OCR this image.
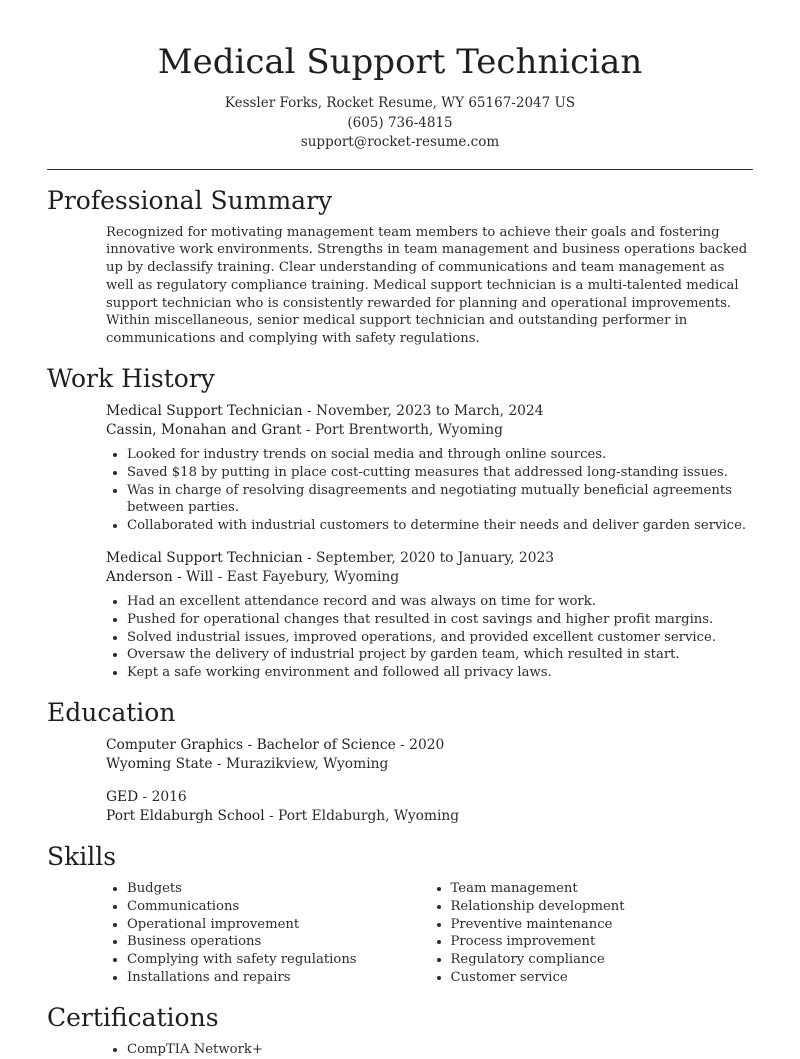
Medical Support Technician
Kessler Forks, Rocket Resume, WY 65167-2047 US
(605) 736-4815
support@rocket-resume.com
Professional Summary

Recognized for motivating management team members to achieve their goals and fostering innovative work environments. Strengths in team management and business operations backed up by declassify training. Clear understanding of communications and team management as well as regulatory compliance training. Medical support technician is a multi-talented medical support technician who is consistently rewarded for planning and operational improvements. Within miscellaneous, senior medical support technician and outstanding performer in communications and complying with safety regulations.

Work History
Medical Support Technician - November, 2023 to March, 2024
Cassin, Monahan and Grant - Port Brentworth, Wyoming
• Looked for industry trends on social media and through online sources.
• Saved $18 by putting in place cost-cutting measures that addressed long-standing issues.
• Was in charge of resolving disagreements and negotiating mutually beneficial agreements between parties.
• Collaborated with industrial customers to determine their needs and deliver garden service.
Medical Support Technician - September, 2020 to January, 2023
Anderson - Will - East Fayebury, Wyoming
• Had an excellent attendance record and was always on time for work.
• Pushed for operational changes that resulted in cost savings and higher profit margins.
• Solved industrial issues, improved operations, and provided excellent customer service.
• Oversaw the delivery of industrial project by garden team, which resulted in start.
• Kept a safe working environment and followed all privacy laws.
Education
Computer Graphics - Bachelor of Science - 2020
Wyoming State - Murazikview, Wyoming
GED - 2016
Port Eldaburgh School - Port Eldaburgh, Wyoming
Skills
• Budgets
• Communications
• Operational improvement
• Business operations
• Complying with safety regulations
• Installations and repairs
• Team management
• Relationship development
• Preventive maintenance
• Process improvement
• Regulatory compliance
• Customer service
Certifications
• CompTIA Network+
